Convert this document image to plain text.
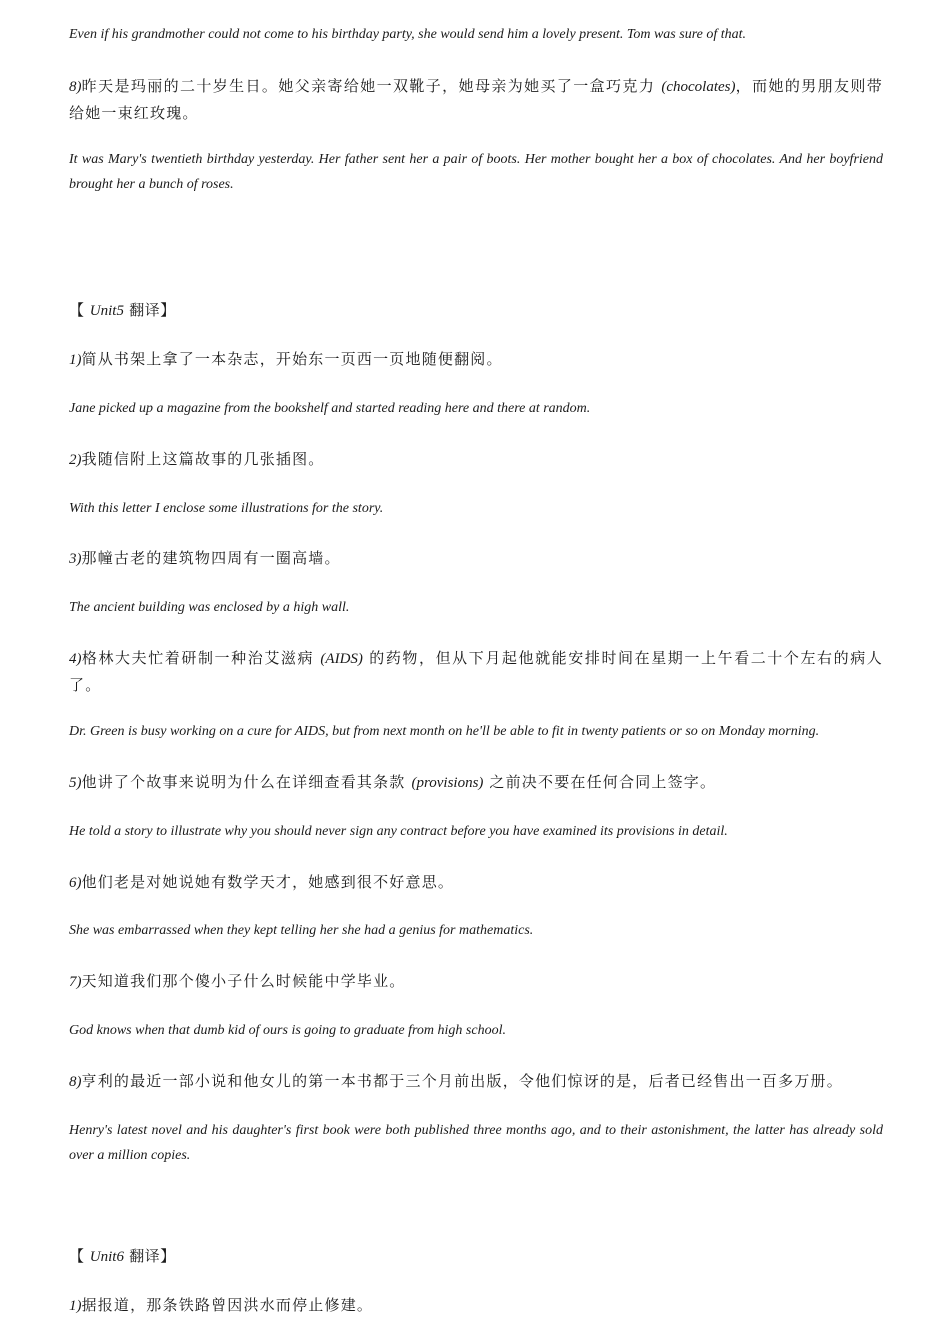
Even if his grandmother could not come to his birthday party, she would send him a lovely present. Tom was sure of that.

8)昨天是玛丽的二十岁生日。她父亲寄给她一双靴子，她母亲为她买了一盒巧克力 (chocolates)，而她的男朋友则带给她一束红玫瑰。

It was Mary's twentieth birthday yesterday. Her father sent her a pair of boots. Her mother bought her a box of chocolates. And her boyfriend brought her a bunch of roses.

【 Unit5 翻译】

1)简从书架上拿了一本杂志，开始东一页西一页地随便翻阅。

Jane picked up a magazine from the bookshelf and started reading here and there at random.

2)我随信附上这篇故事的几张插图。

With this letter I enclose some illustrations for the story.

3)那幢古老的建筑物四周有一圈高墙。

The ancient building was enclosed by a high wall.

4)格林大夫忙着研制一种治艾滋病 (AIDS) 的药物，但从下月起他就能安排时间在星期一上午看二十个左右的病人了。

Dr. Green is busy working on a cure for AIDS, but from next month on he'll be able to fit in twenty patients or so on Monday morning.

5)他讲了个故事来说明为什么在详细查看其条款 (provisions) 之前决不要在任何合同上签字。

He told a story to illustrate why you should never sign any contract before you have examined its provisions in detail.

6)他们老是对她说她有数学天才，她感到很不好意思。

She was embarrassed when they kept telling her she had a genius for mathematics.

7)天知道我们那个傻小子什么时候能中学毕业。

God knows when that dumb kid of ours is going to graduate from high school.

8)亨利的最近一部小说和他女儿的第一本书都于三个月前出版，令他们惊讶的是，后者已经售出一百多万册。

Henry's latest novel and his daughter's first book were both published three months ago, and to their astonishment, the latter has already sold over a million copies.

【 Unit6 翻译】

1)据报道，那条铁路曾因洪水而停止修建。
